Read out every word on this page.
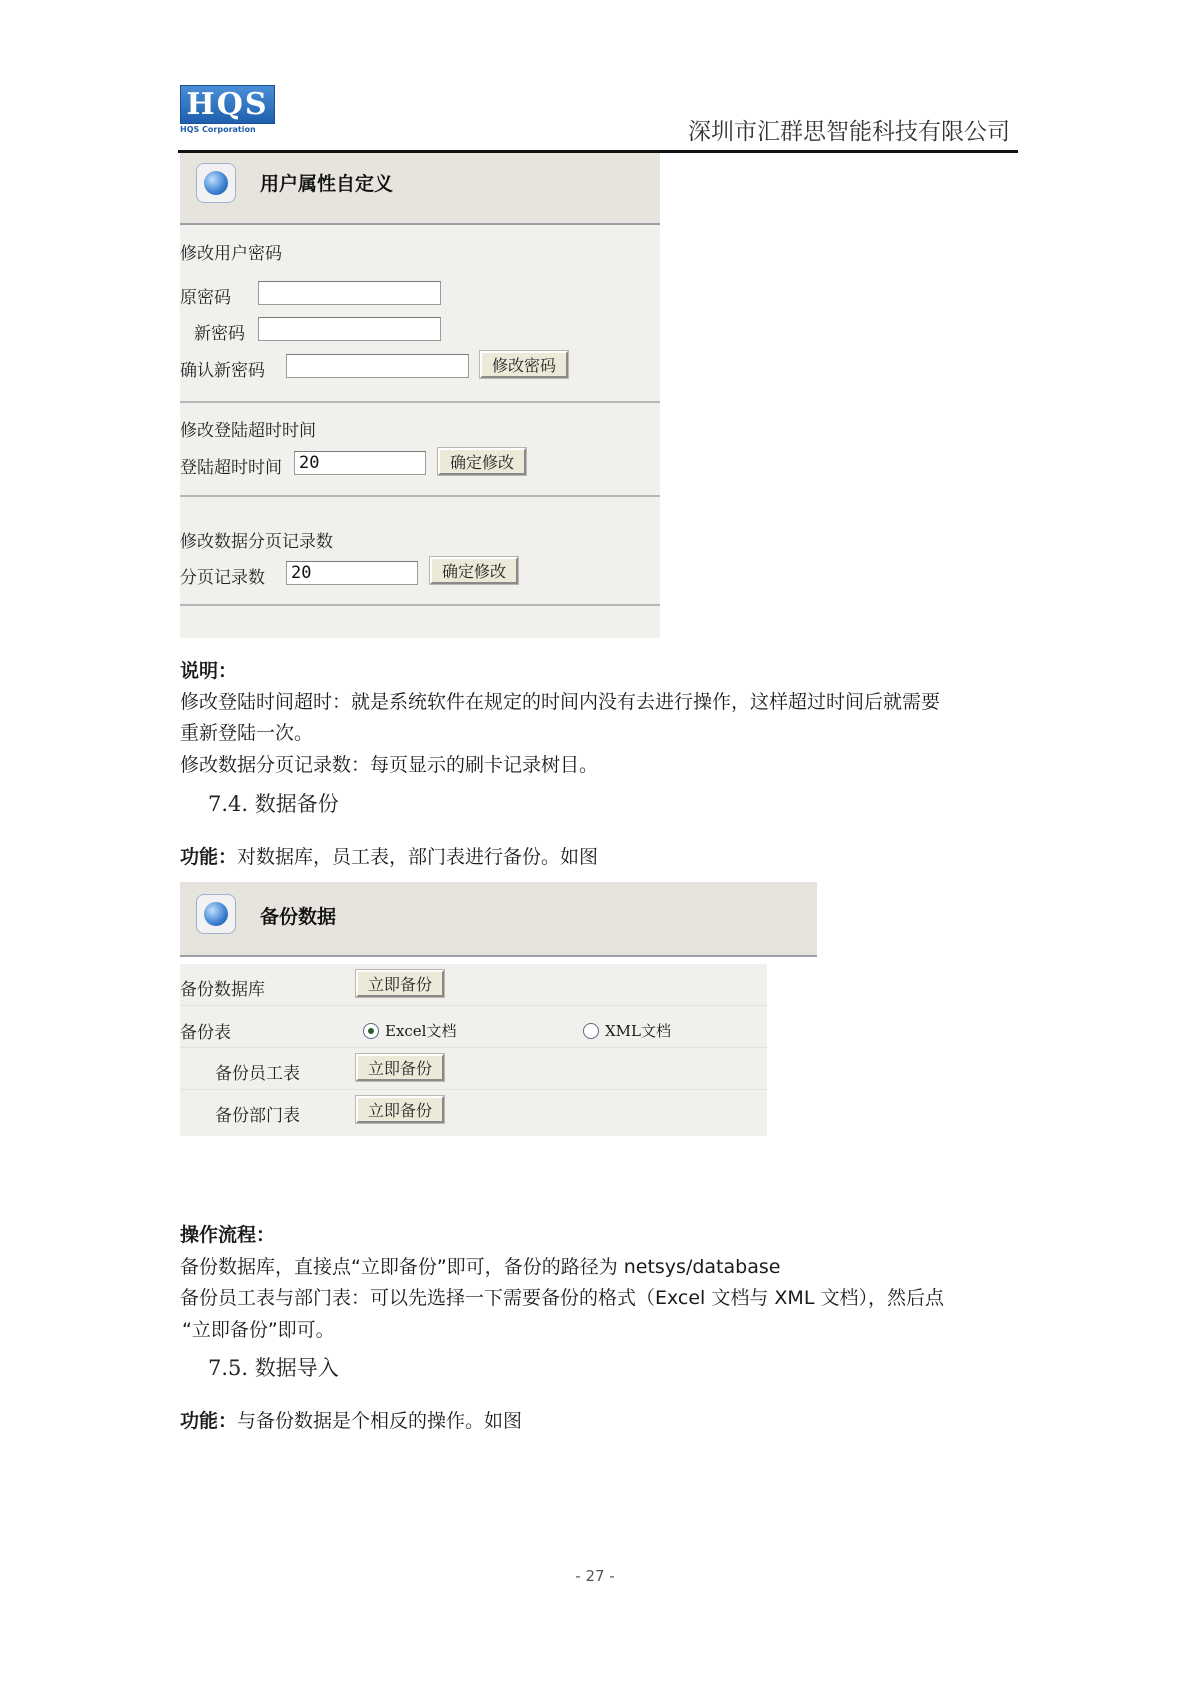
HQS
HQS Corporation	深圳市汇群思智能科技有限公司
用户属性自定义
修改用户密码
原密码
新密码
确认新密码	修改密码
修改登陆超时时间
登陆超时时间
20	确定修改
修改数据分页记录数
分页记录数
20	确定修改
说明：
修改登陆时间超时：就是系统软件在规定的时间内没有去进行操作，这样超过时间后就需要
重新登陆一次。
修改数据分页记录数：每页显示的刷卡记录树目。
7.4. 数据备份
功能：对数据库，员工表，部门表进行备份。如图
备份数据
备份数据库	立即备份
备份表	Excel文档	XML文档
备份员工表	立即备份
备份部门表	立即备份
操作流程：
备份数据库，直接点“立即备份”即可，备份的路径为 netsys/database
备份员工表与部门表：可以先选择一下需要备份的格式（Excel 文档与 XML 文档），然后点
“立即备份”即可。
7.5. 数据导入
功能：与备份数据是个相反的操作。如图
- 27 -
